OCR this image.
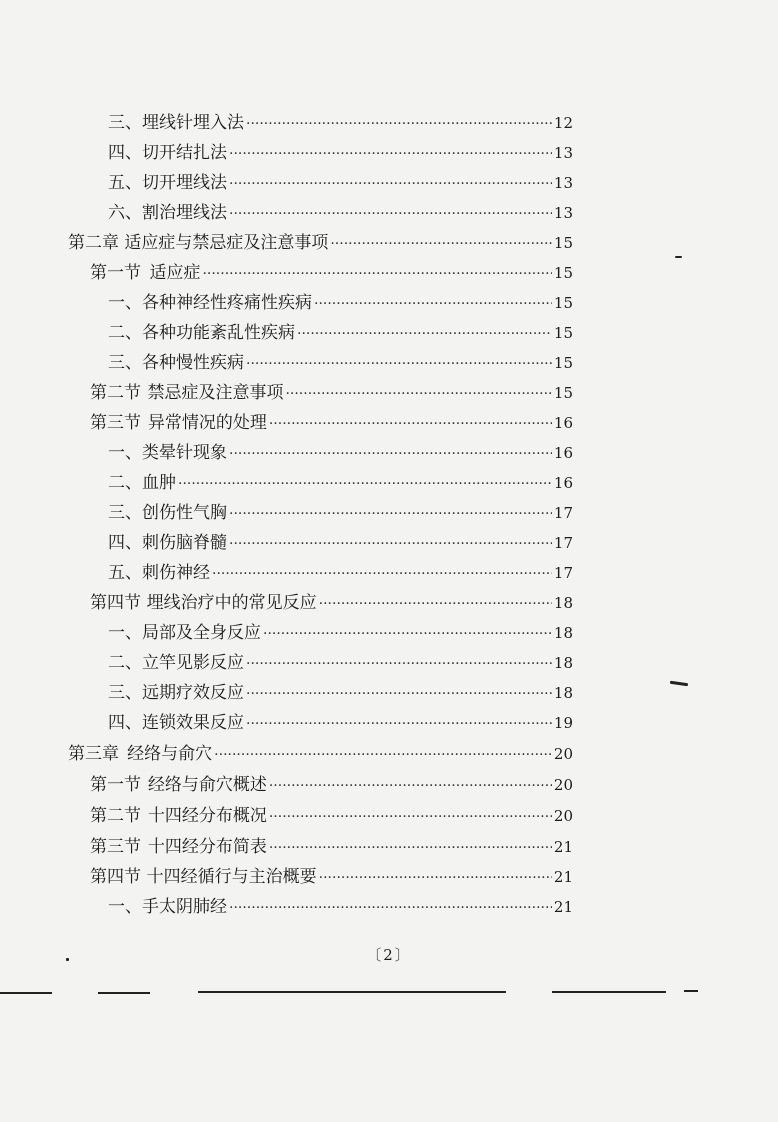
三、 埋线针埋入法 ·····	12
四、 切开结扎法 ·····	13
五、 切开埋线法 ·····	13
六、 割治埋线法 ·····	13
第二章 适应症与禁忌症及注意事项 ·····	15
第一节 适应症 ·····	15
一、 各种神经性疼痛性疾病 ·····	15
二、 各种功能紊乱性疾病 ·····	15
三、 各种慢性疾病 ·····	15
第二节 禁忌症及注意事项 ·····	15
第三节 异常情况的处理 ·····	16
一、 类晕针现象 ·····	16
二、 血肿 ·····	16
三、 创伤性气胸 ·····	17
四、 刺伤脑脊髓 ·····	17
五、 刺伤神经 ·····	17
第四节 埋线治疗中的常见反应 ·····	18
一、 局部及全身反应 ·····	18
二、 立竿见影反应 ·····	18
三、 远期疗效反应 ·····	18
四、 连锁效果反应 ·····	19
第三章 经络与俞穴 ·····	20
第一节 经络与俞穴概述 ·····	20
第二节 十四经分布概况 ·····	20
第三节 十四经分布简表 ·····	21
第四节 十四经循行与主治概要 ·····	21
一、 手太阴肺经 ·····	21
〔2〕
